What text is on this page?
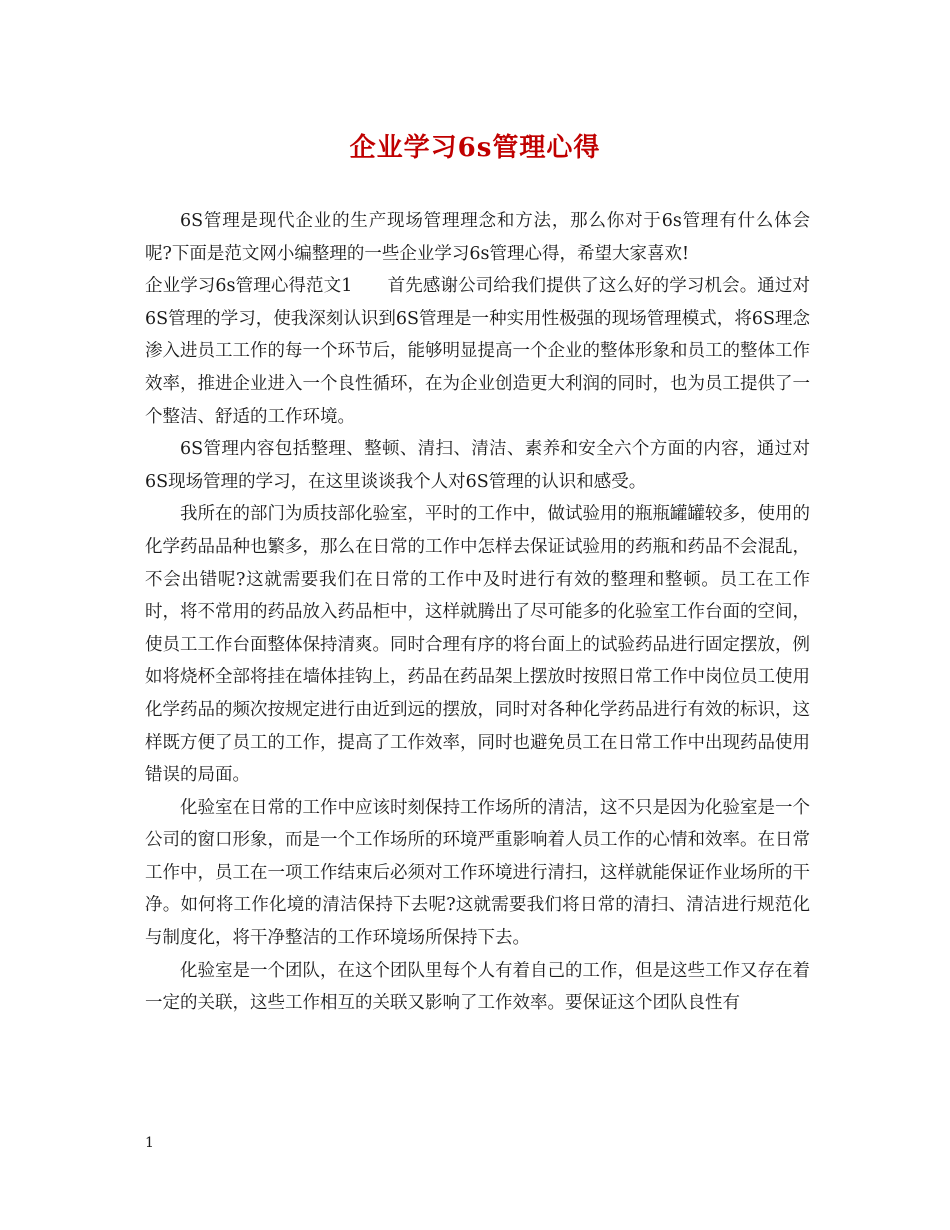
企业学习6s管理心得

6S管理是现代企业的生产现场管理理念和方法，那么你对于6s管理有什么体会呢?下面是范文网小编整理的一些企业学习6s管理心得，希望大家喜欢!

企业学习6s管理心得范文1　　首先感谢公司给我们提供了这么好的学习机会。通过对6S管理的学习，使我深刻认识到6S管理是一种实用性极强的现场管理模式，将6S理念渗入进员工工作的每一个环节后，能够明显提高一个企业的整体形象和员工的整体工作效率，推进企业进入一个良性循环，在为企业创造更大利润的同时，也为员工提供了一个整洁、舒适的工作环境。

6S管理内容包括整理、整顿、清扫、清洁、素养和安全六个方面的内容，通过对6S现场管理的学习，在这里谈谈我个人对6S管理的认识和感受。

我所在的部门为质技部化验室，平时的工作中，做试验用的瓶瓶罐罐较多，使用的化学药品品种也繁多，那么在日常的工作中怎样去保证试验用的药瓶和药品不会混乱，不会出错呢?这就需要我们在日常的工作中及时进行有效的整理和整顿。员工在工作时，将不常用的药品放入药品柜中，这样就腾出了尽可能多的化验室工作台面的空间，使员工工作台面整体保持清爽。同时合理有序的将台面上的试验药品进行固定摆放，例如将烧杯全部将挂在墙体挂钩上，药品在药品架上摆放时按照日常工作中岗位员工使用化学药品的频次按规定进行由近到远的摆放，同时对各种化学药品进行有效的标识，这样既方便了员工的工作，提高了工作效率，同时也避免员工在日常工作中出现药品使用错误的局面。

化验室在日常的工作中应该时刻保持工作场所的清洁，这不只是因为化验室是一个公司的窗口形象，而是一个工作场所的环境严重影响着人员工作的心情和效率。在日常工作中，员工在一项工作结束后必须对工作环境进行清扫，这样就能保证作业场所的干净。如何将工作化境的清洁保持下去呢?这就需要我们将日常的清扫、清洁进行规范化与制度化，将干净整洁的工作环境场所保持下去。

化验室是一个团队，在这个团队里每个人有着自己的工作，但是这些工作又存在着一定的关联，这些工作相互的关联又影响了工作效率。要保证这个团队良性有

1
